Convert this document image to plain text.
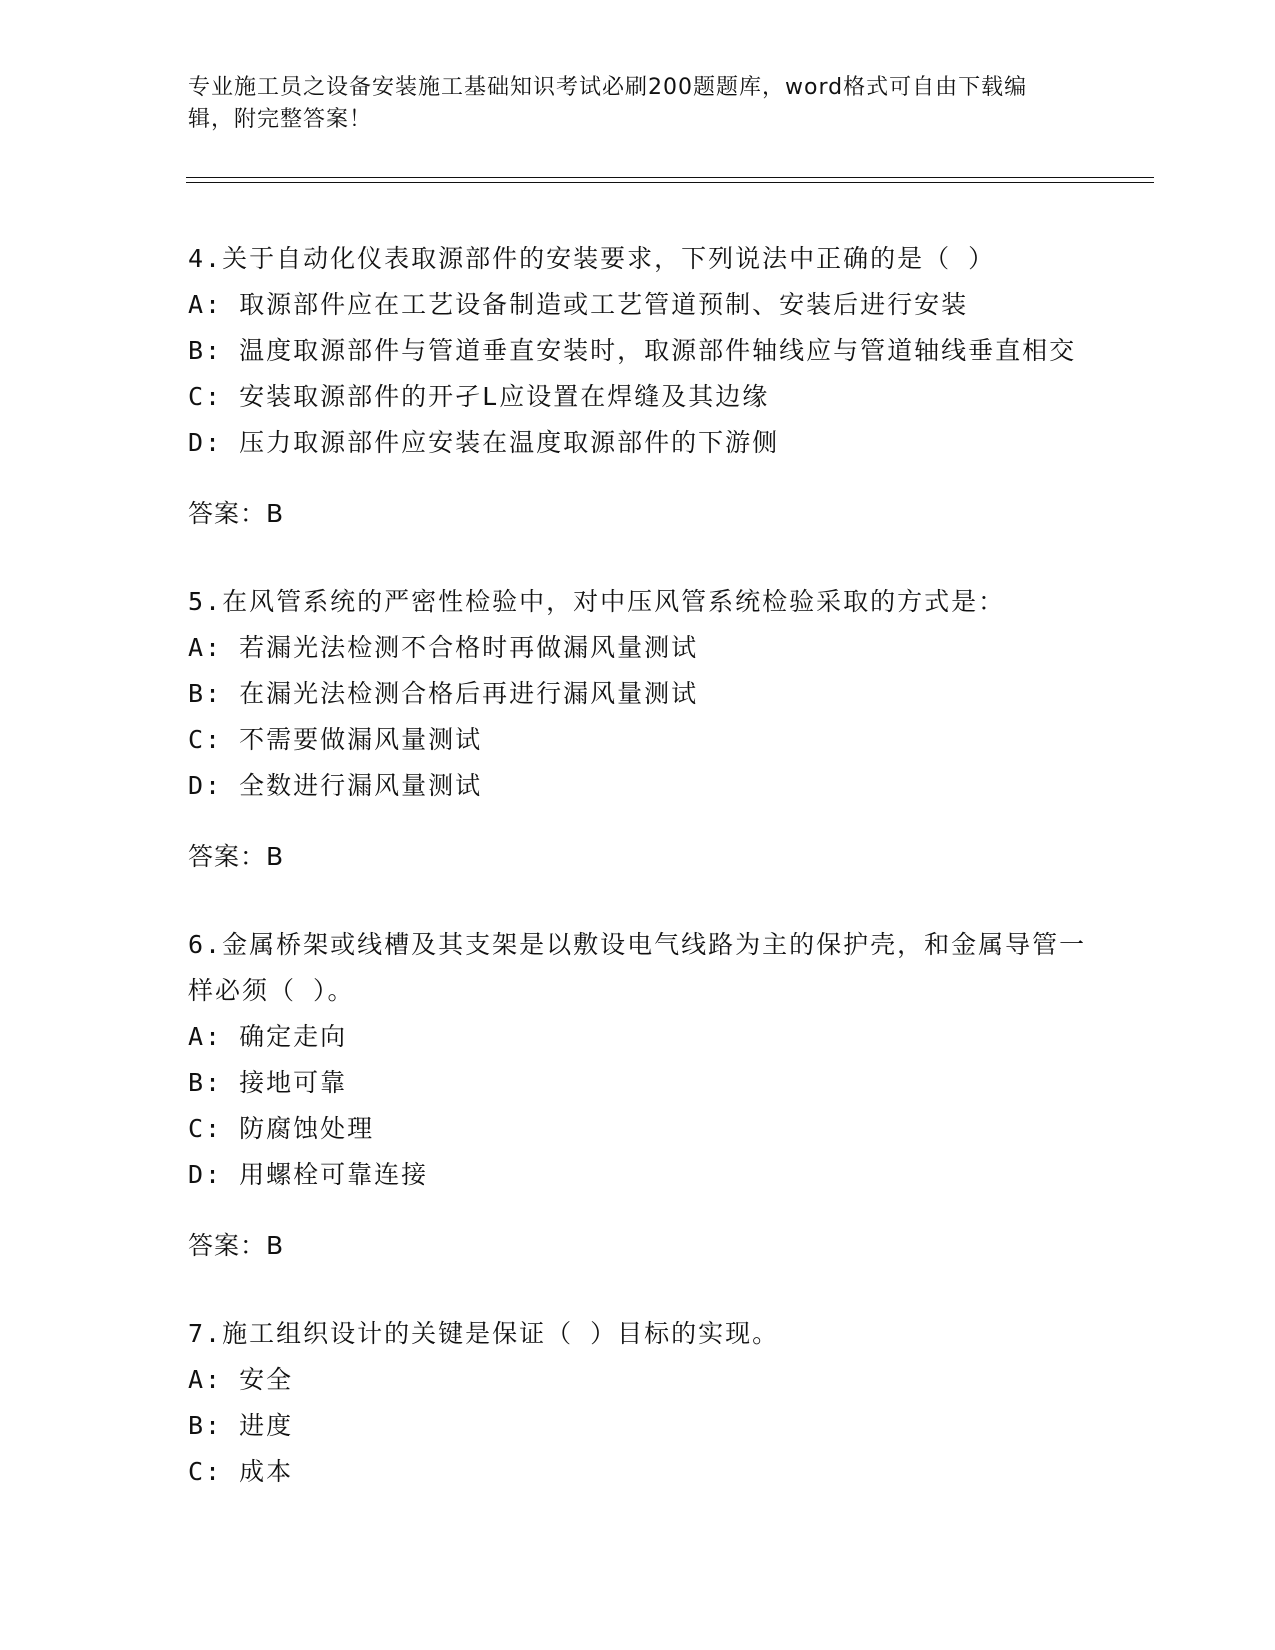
专业施工员之设备安装施工基础知识考试必刷200题题库，word格式可自由下载编辑，附完整答案！

4.关于自动化仪表取源部件的安装要求，下列说法中正确的是（ ）

A: 取源部件应在工艺设备制造或工艺管道预制、安装后进行安装

B: 温度取源部件与管道垂直安装时，取源部件轴线应与管道轴线垂直相交

C: 安装取源部件的开孑L应设置在焊缝及其边缘

D: 压力取源部件应安装在温度取源部件的下游侧

答案：B

5.在风管系统的严密性检验中，对中压风管系统检验采取的方式是：

A: 若漏光法检测不合格时再做漏风量测试

B: 在漏光法检测合格后再进行漏风量测试

C: 不需要做漏风量测试

D: 全数进行漏风量测试

答案：B

6.金属桥架或线槽及其支架是以敷设电气线路为主的保护壳，和金属导管一样必须（ ）。

A: 确定走向

B: 接地可靠

C: 防腐蚀处理

D: 用螺栓可靠连接

答案：B

7.施工组织设计的关键是保证（ ）目标的实现。

A: 安全

B: 进度

C: 成本
